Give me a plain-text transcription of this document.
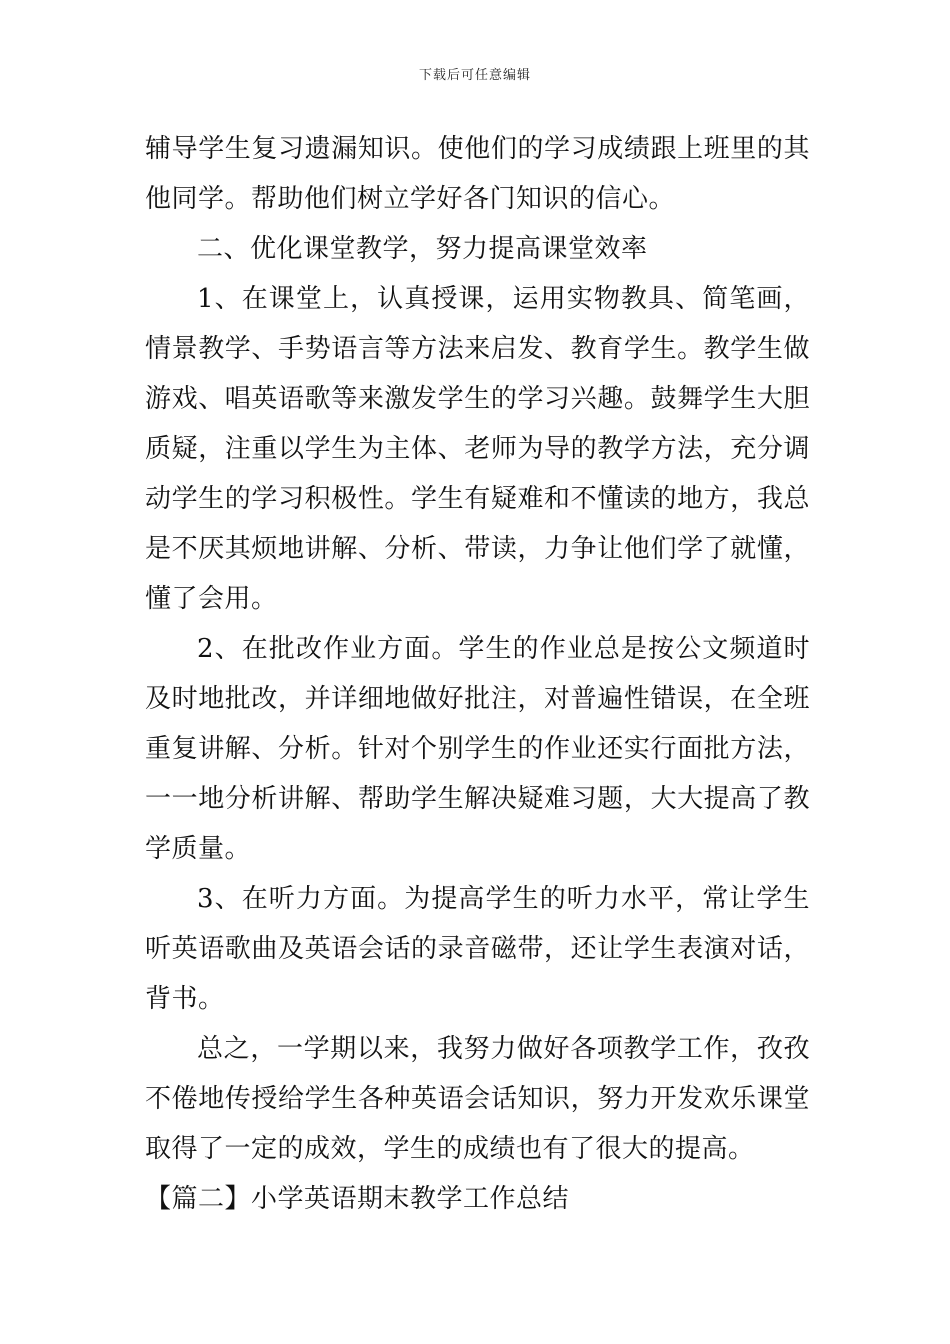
下载后可任意编辑

辅导学生复习遗漏知识。使他们的学习成绩跟上班里的其他同学。帮助他们树立学好各门知识的信心。

二、优化课堂教学，努力提高课堂效率

1、在课堂上，认真授课，运用实物教具、简笔画，情景教学、手势语言等方法来启发、教育学生。教学生做游戏、唱英语歌等来激发学生的学习兴趣。鼓舞学生大胆质疑，注重以学生为主体、老师为导的教学方法，充分调动学生的学习积极性。学生有疑难和不懂读的地方，我总是不厌其烦地讲解、分析、带读，力争让他们学了就懂，懂了会用。

2、在批改作业方面。学生的作业总是按公文频道时及时地批改，并详细地做好批注，对普遍性错误，在全班重复讲解、分析。针对个别学生的作业还实行面批方法，一一地分析讲解、帮助学生解决疑难习题，大大提高了教学质量。

3、在听力方面。为提高学生的听力水平，常让学生听英语歌曲及英语会话的录音磁带，还让学生表演对话，背书。

总之，一学期以来，我努力做好各项教学工作，孜孜不倦地传授给学生各种英语会话知识，努力开发欢乐课堂取得了一定的成效，学生的成绩也有了很大的提高。

【篇二】小学英语期末教学工作总结
